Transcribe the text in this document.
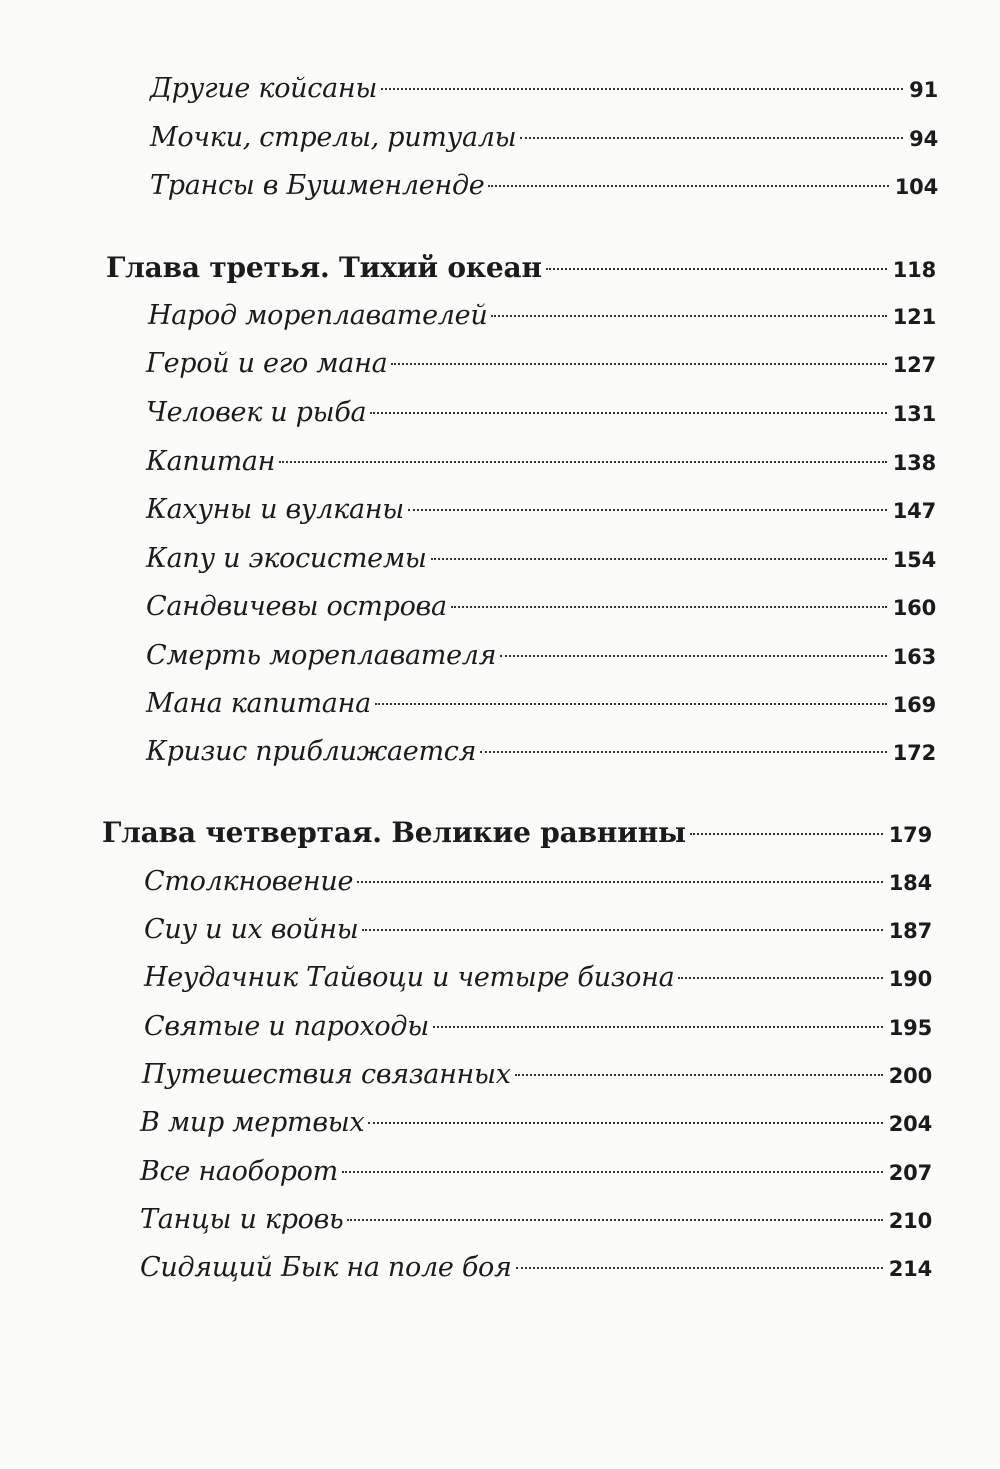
Другие койсаны	91
Мочки, стрелы, ритуалы	94
Трансы в Бушменленде	104
Глава третья. Тихий океан	118
Народ мореплавателей	121
Герой и его мана	127
Человек и рыба	131
Капитан	138
Кахуны и вулканы	147
Капу и экосистемы	154
Сандвичевы острова	160
Смерть мореплавателя	163
Мана капитана	169
Кризис приближается	172
Глава четвертая. Великие равнины	179
Столкновение	184
Сиу и их войны	187
Неудачник Тайвоци и четыре бизона	190
Святые и пароходы	195
Путешествия связанных	200
В мир мертвых	204
Все наоборот	207
Танцы и кровь	210
Сидящий Бык на поле боя	214
